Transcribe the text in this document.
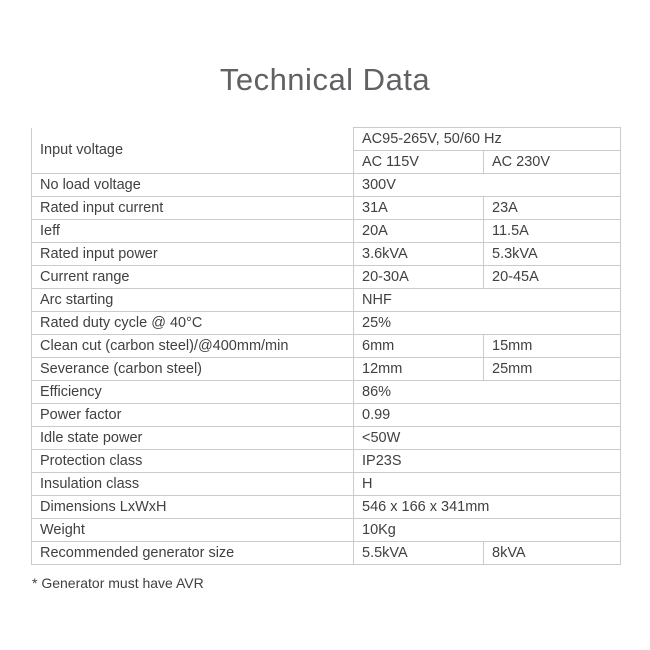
Technical Data
Input voltage	AC95-265V, 50/60 Hz	
	AC 115V	AC 230V
No load voltage	300V	
Rated input current	31A	23A
Ieff	20A	11.5A
Rated input power	3.6kVA	5.3kVA
Current range	20-30A	20-45A
Arc starting	NHF	
Rated duty cycle @ 40°C	25%	
Clean cut (carbon steel)/@400mm/min	6mm	15mm
Severance (carbon steel)	12mm	25mm
Efficiency	86%	
Power factor	0.99	
Idle state power	<50W	
Protection class	IP23S	
Insulation class	H	
Dimensions LxWxH	546 x 166 x 341mm	
Weight	10Kg	
Recommended generator size	5.5kVA	8kVA
* Generator must have AVR
